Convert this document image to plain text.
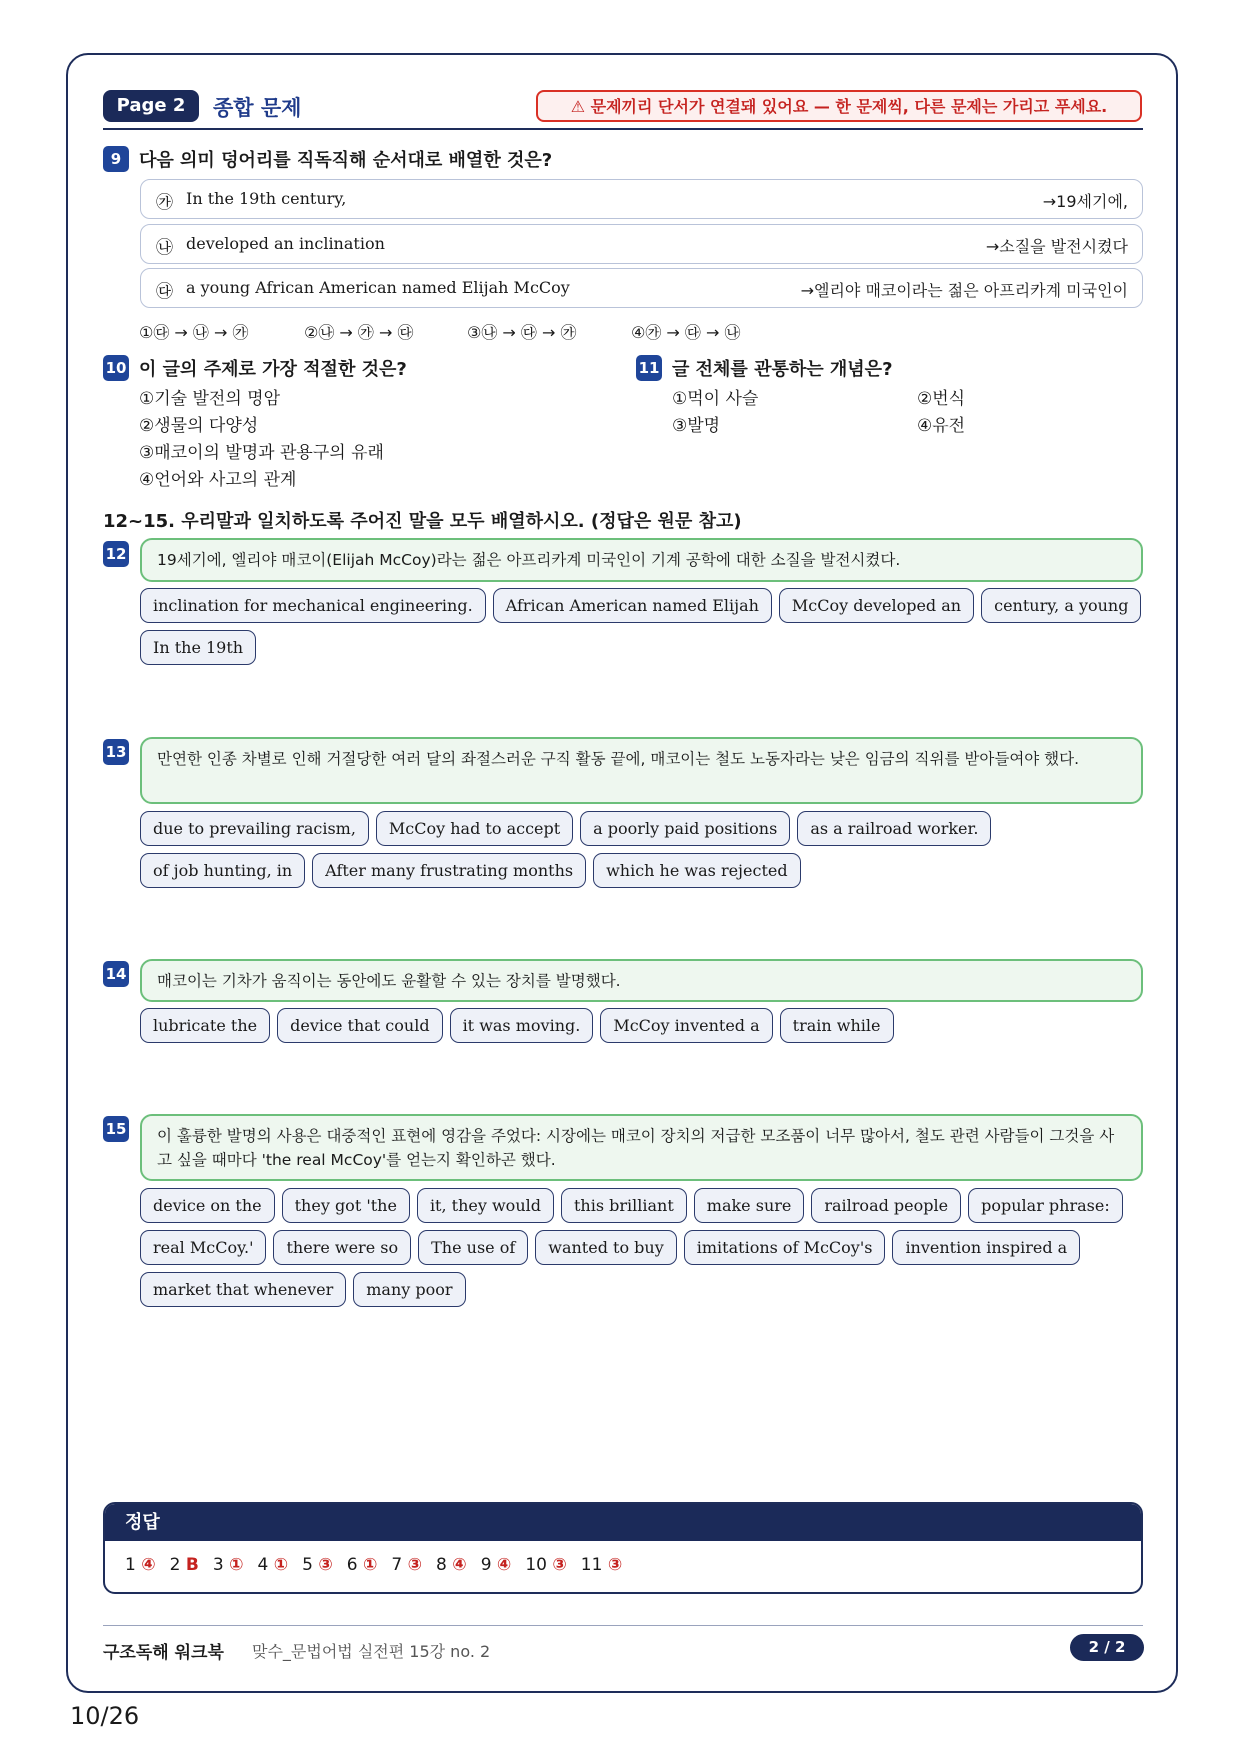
Page 2	종합 문제	⚠ 문제끼리 단서가 연결돼 있어요 — 한 문제씩, 다른 문제는 가리고 푸세요.
9 다음 의미 덩어리를 직독직해 순서대로 배열한 것은?
㉮ In the 19th century,	→19세기에,
㉯ developed an inclination	→소질을 발전시켰다
㉰ a young African American named Elijah McCoy	→엘리야 매코이라는 젊은 아프리카계 미국인이
①㉰ → ㉯ → ㉮	②㉯ → ㉮ → ㉰	③㉯ → ㉰ → ㉮	④㉮ → ㉰ → ㉯
10 이 글의 주제로 가장 적절한 것은?
①기술 발전의 명암
②생물의 다양성
③매코이의 발명과 관용구의 유래
④언어와 사고의 관계
11 글 전체를 관통하는 개념은?
①먹이 사슬	②번식
③발명	④유전
12~15. 우리말과 일치하도록 주어진 말을 모두 배열하시오. (정답은 원문 참고)
12	19세기에, 엘리야 매코이(Elijah McCoy)라는 젊은 아프리카계 미국인이 기계 공학에 대한 소질을 발전시켰다.
inclination for mechanical engineering.	African American named Elijah	McCoy developed an	century, a young
In the 19th
13	만연한 인종 차별로 인해 거절당한 여러 달의 좌절스러운 구직 활동 끝에, 매코이는 철도 노동자라는 낮은 임금의 직위를 받아들여야 했다.
due to prevailing racism,	McCoy had to accept	a poorly paid positions	as a railroad worker.
of job hunting, in	After many frustrating months	which he was rejected
14	매코이는 기차가 움직이는 동안에도 윤활할 수 있는 장치를 발명했다.
lubricate the	device that could	it was moving.	McCoy invented a	train while
15	이 훌륭한 발명의 사용은 대중적인 표현에 영감을 주었다: 시장에는 매코이 장치의 저급한 모조품이 너무 많아서, 철도 관련 사람들이 그것을 사고 싶을 때마다 'the real McCoy'를 얻는지 확인하곤 했다.
device on the	they got 'the	it, they would	this brilliant	make sure	railroad people	popular phrase:
real McCoy.'	there were so	The use of	wanted to buy	imitations of McCoy's	invention inspired a
market that whenever	many poor
정답
1 ④ 2 B 3 ① 4 ① 5 ③ 6 ① 7 ③ 8 ④ 9 ④ 10 ③ 11 ③
구조독해 워크북 맞수_문법어법 실전편 15강 no. 2	2 / 2
10/26
